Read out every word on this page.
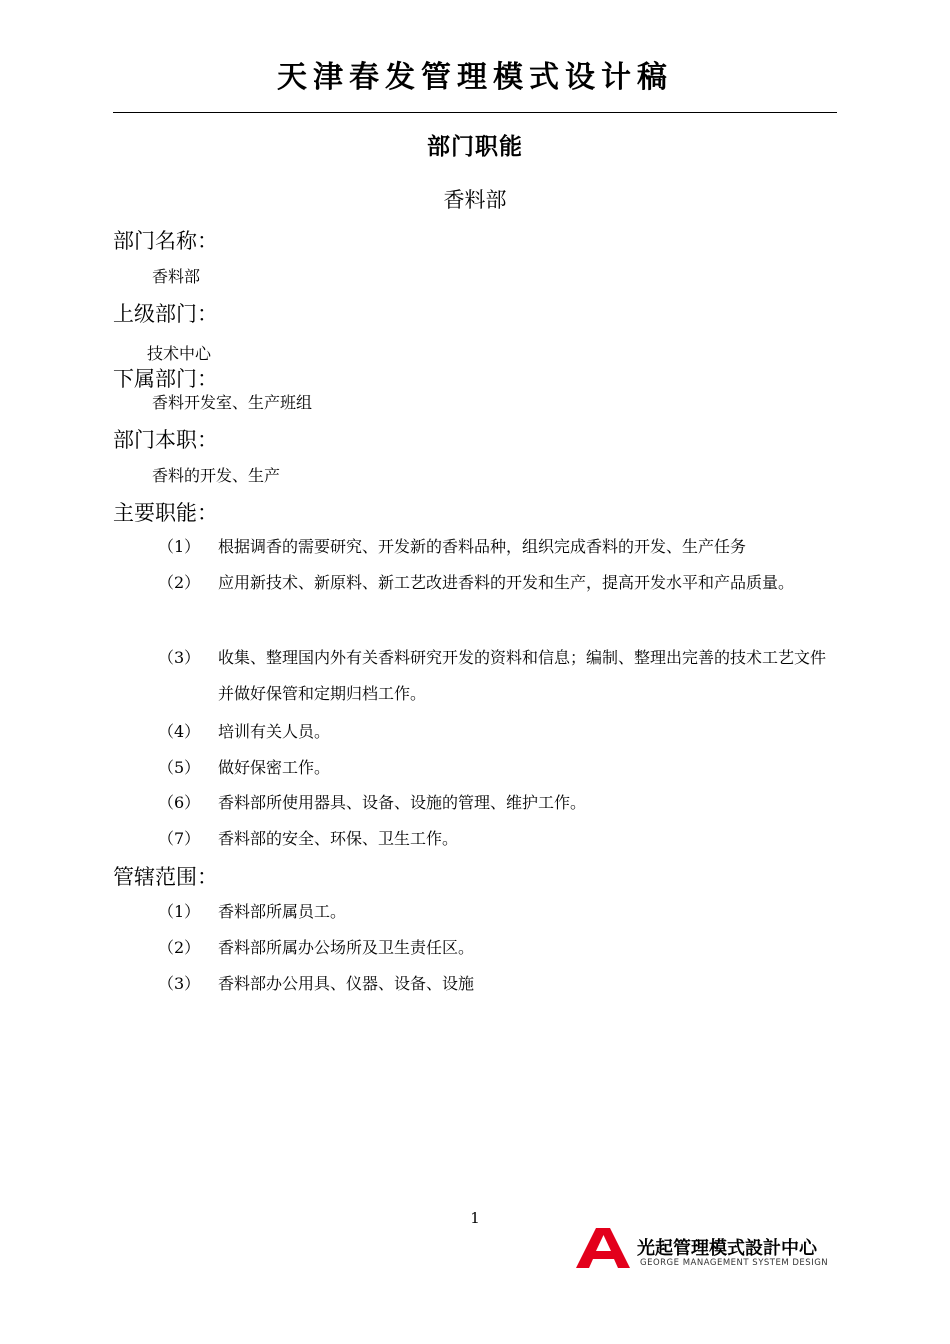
天津春发管理模式设计稿
部门职能
香料部
部门名称：
香料部
上级部门：
技术中心
下属部门：
香料开发室、生产班组
部门本职：
香料的开发、生产
主要职能：
（1） 根据调香的需要研究、开发新的香料品种，组织完成香料的开发、生产任务
（2） 应用新技术、新原料、新工艺改进香料的开发和生产，提高开发水平和产品质量。
（3） 收集、整理国内外有关香料研究开发的资料和信息；编制、整理出完善的技术工艺文件并做好保管和定期归档工作。
（4） 培训有关人员。
（5） 做好保密工作。
（6） 香料部所使用器具、设备、设施的管理、维护工作。
（7） 香料部的安全、环保、卫生工作。
管辖范围：
（1） 香料部所属员工。
（2） 香料部所属办公场所及卫生责任区。
（3） 香料部办公用具、仪器、设备、设施
1
光起管理模式設計中心
GEORGE MANAGEMENT SYSTEM DESIGN
